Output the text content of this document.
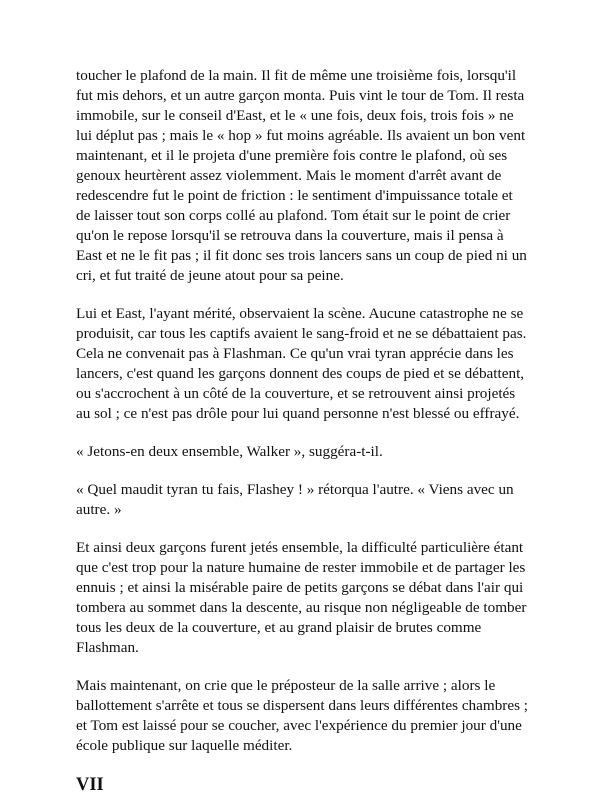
toucher le plafond de la main. Il fit de même une troisième fois, lorsqu'il fut mis dehors, et un autre garçon monta. Puis vint le tour de Tom. Il resta immobile, sur le conseil d'East, et le « une fois, deux fois, trois fois » ne lui déplut pas ; mais le « hop » fut moins agréable. Ils avaient un bon vent maintenant, et il le projeta d'une première fois contre le plafond, où ses genoux heurtèrent assez violemment. Mais le moment d'arrêt avant de redescendre fut le point de friction : le sentiment d'impuissance totale et de laisser tout son corps collé au plafond. Tom était sur le point de crier qu'on le repose lorsqu'il se retrouva dans la couverture, mais il pensa à East et ne le fit pas ; il fit donc ses trois lancers sans un coup de pied ni un cri, et fut traité de jeune atout pour sa peine.

Lui et East, l'ayant mérité, observaient la scène. Aucune catastrophe ne se produisit, car tous les captifs avaient le sang-froid et ne se débattaient pas. Cela ne convenait pas à Flashman. Ce qu'un vrai tyran apprécie dans les lancers, c'est quand les garçons donnent des coups de pied et se débattent, ou s'accrochent à un côté de la couverture, et se retrouvent ainsi projetés au sol ; ce n'est pas drôle pour lui quand personne n'est blessé ou effrayé.

« Jetons-en deux ensemble, Walker », suggéra-t-il.

« Quel maudit tyran tu fais, Flashey ! » rétorqua l'autre. « Viens avec un autre. »

Et ainsi deux garçons furent jetés ensemble, la difficulté particulière étant que c'est trop pour la nature humaine de rester immobile et de partager les ennuis ; et ainsi la misérable paire de petits garçons se débat dans l'air qui tombera au sommet dans la descente, au risque non négligeable de tomber tous les deux de la couverture, et au grand plaisir de brutes comme Flashman.

Mais maintenant, on crie que le préposteur de la salle arrive ; alors le ballottement s'arrête et tous se dispersent dans leurs différentes chambres ; et Tom est laissé pour se coucher, avec l'expérience du premier jour d'une école publique sur laquelle méditer.

VII
